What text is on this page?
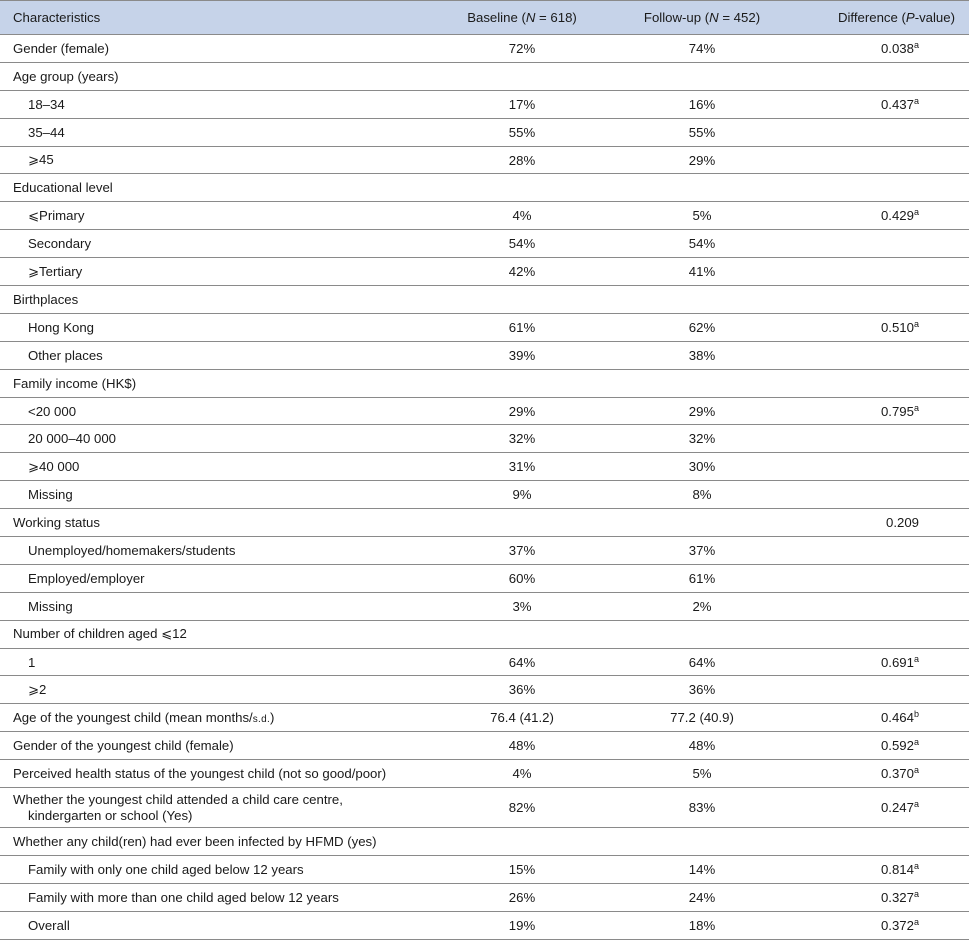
Characteristics	Baseline (N = 618)	Follow-up (N = 452)	Difference (P-value)
Gender (female)	72%	74%	0.038$^a$
Age group (years)			
18–34	17%	16%	0.437$^a$
35–44	55%	55%	
⩾45	28%	29%	
Educational level			
⩽Primary	4%	5%	0.429$^a$
Secondary	54%	54%	
⩾Tertiary	42%	41%	
Birthplaces			
Hong Kong	61%	62%	0.510$^a$
Other places	39%	38%	
Family income (HK$)			
<20 000	29%	29%	0.795$^a$
20 000–40 000	32%	32%	
⩾40 000	31%	30%	
Missing	9%	8%	
Working status			0.209
Unemployed/homemakers/students	37%	37%	
Employed/employer	60%	61%	
Missing	3%	2%	
Number of children aged ⩽12			
1	64%	64%	0.691$^a$
⩾2	36%	36%	
Age of the youngest child (mean months/s.d.)	76.4 (41.2)	77.2 (40.9)	0.464$^b$
Gender of the youngest child (female)	48%	48%	0.592$^a$
Perceived health status of the youngest child (not so good/poor)	4%	5%	0.370$^a$
Whether the youngest child attended a child care centre,
kindergarten or school (Yes)	82%	83%	0.247$^a$
Whether any child(ren) had ever been infected by HFMD (yes)			
Family with only one child aged below 12 years	15%	14%	0.814$^a$
Family with more than one child aged below 12 years	26%	24%	0.327$^a$
Overall	19%	18%	0.372$^a$
